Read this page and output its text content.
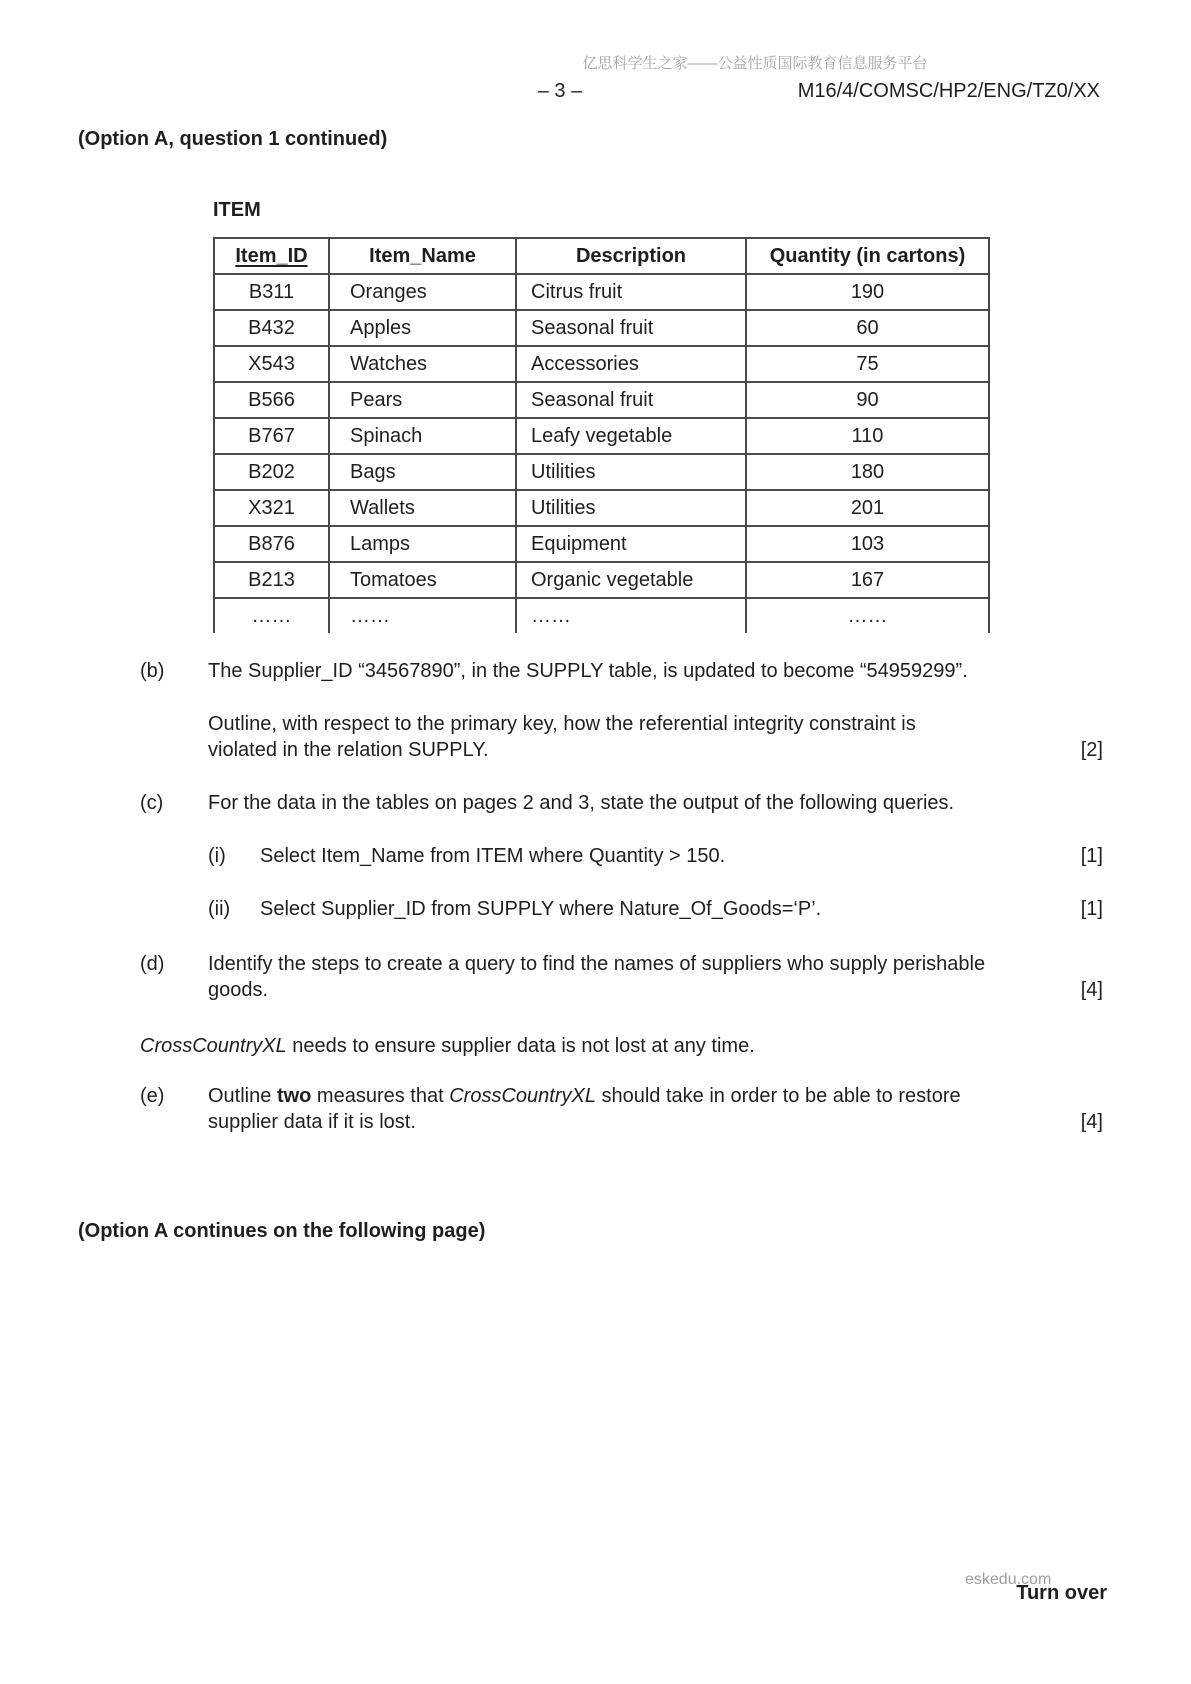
亿思科学生之家——公益性质国际教育信息服务平台
– 3 –	M16/4/COMSC/HP2/ENG/TZ0/XX
(Option A, question 1 continued)
ITEM
Item_ID	Item_Name	Description	Quantity (in cartons)
B311	Oranges	Citrus fruit	190
B432	Apples	Seasonal fruit	60
X543	Watches	Accessories	75
B566	Pears	Seasonal fruit	90
B767	Spinach	Leafy vegetable	110
B202	Bags	Utilities	180
X321	Wallets	Utilities	201
B876	Lamps	Equipment	103
B213	Tomatoes	Organic vegetable	167
……	……	……	……
(b) The Supplier_ID “34567890”, in the SUPPLY table, is updated to become “54959299”.
Outline, with respect to the primary key, how the referential integrity constraint is
violated in the relation SUPPLY.	[2]
(c) For the data in the tables on pages 2 and 3, state the output of the following queries.
(i) Select Item_Name from ITEM where Quantity > 150.	[1]
(ii) Select Supplier_ID from SUPPLY where Nature_Of_Goods=‘P’.	[1]
(d) Identify the steps to create a query to find the names of suppliers who supply perishable
goods.	[4]
CrossCountryXL needs to ensure supplier data is not lost at any time.
(e) Outline two measures that CrossCountryXL should take in order to be able to restore
supplier data if it is lost.	[4]
(Option A continues on the following page)
eskedu.com
Turn over
